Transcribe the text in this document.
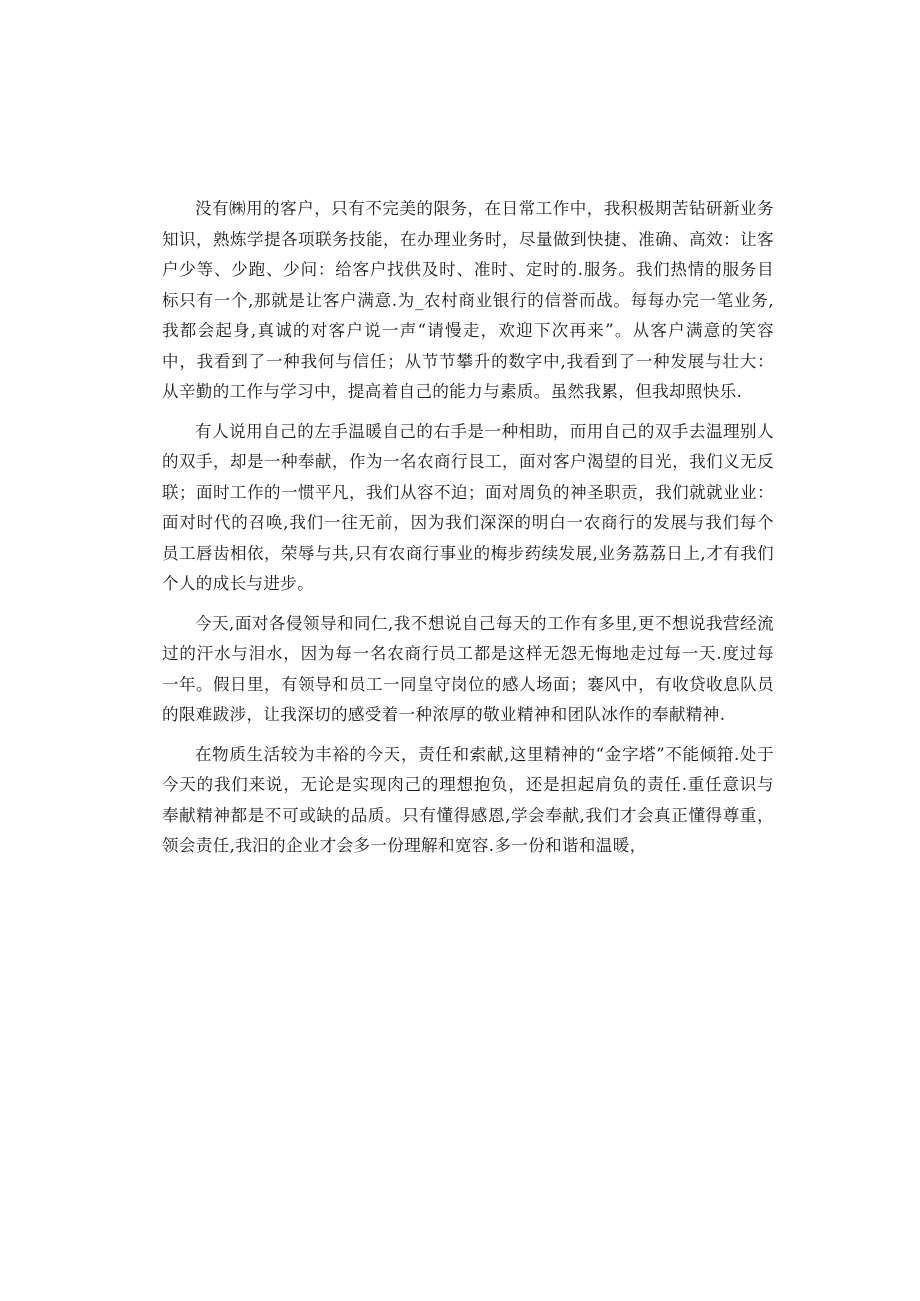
没有㈱用的客户，只有不完美的限务，在日常工作中，我积极期苦钻研新业务知识，熟炼学提各项联务技能，在办理业务时，尽量做到快捷、准确、高效：让客户少等、少跑、少问：给客户找供及时、准时、定时的.服务。我们热情的服务目标只有一个,那就是让客户满意.为_农村商业银行的信誉而战。每每办完一笔业务,我都会起身,真诚的对客户说一声“请慢走，欢迎下次再来”。从客户满意的笑容中，我看到了一种我何与信任；从节节攀升的数字中,我看到了一种发展与壮大：从辛勤的工作与学习中，提高着自己的能力与素质。虽然我累，但我却照快乐.

有人说用自己的左手温暖自己的右手是一种相助，而用自己的双手去温理别人的双手，却是一种奉献，作为一名农商行艮工，面对客户渴望的目光，我们义无反联；面时工作的一惯平凡，我们从容不迫；面对周负的神圣职贡，我们就就业业：面对时代的召唤,我们一往无前，因为我们深深的明白一农商行的发展与我们每个员工唇齿相依，荣辱与共,只有农商行事业的梅步药续发展,业务荔荔日上,才有我们个人的成长与进步。

今天,面对各侵领导和同仁,我不想说自己每天的工作有多里,更不想说我营经流过的汗水与泪水，因为每一名农商行员工都是这样无怨无悔地走过每一天.度过每一年。假日里，有领导和员工一同皇守岗位的感人场面；褰风中，有收贷收息队员的限难跋涉，让我深切的感受着一种浓厚的敬业精神和团队冰作的奉献精神.

在物质生活较为丰裕的今天，责任和索献,这里精神的“金字塔”不能倾箝.处于今天的我们来说，无论是实现肉己的理想抱负，还是担起肩负的责任.重任意识与奉献精神都是不可或缺的品质。只有懂得感恩,学会奉献,我们才会真正懂得尊重，领会责任,我汨的企业才会多一份理解和宽容.多一份和谐和温暖，
